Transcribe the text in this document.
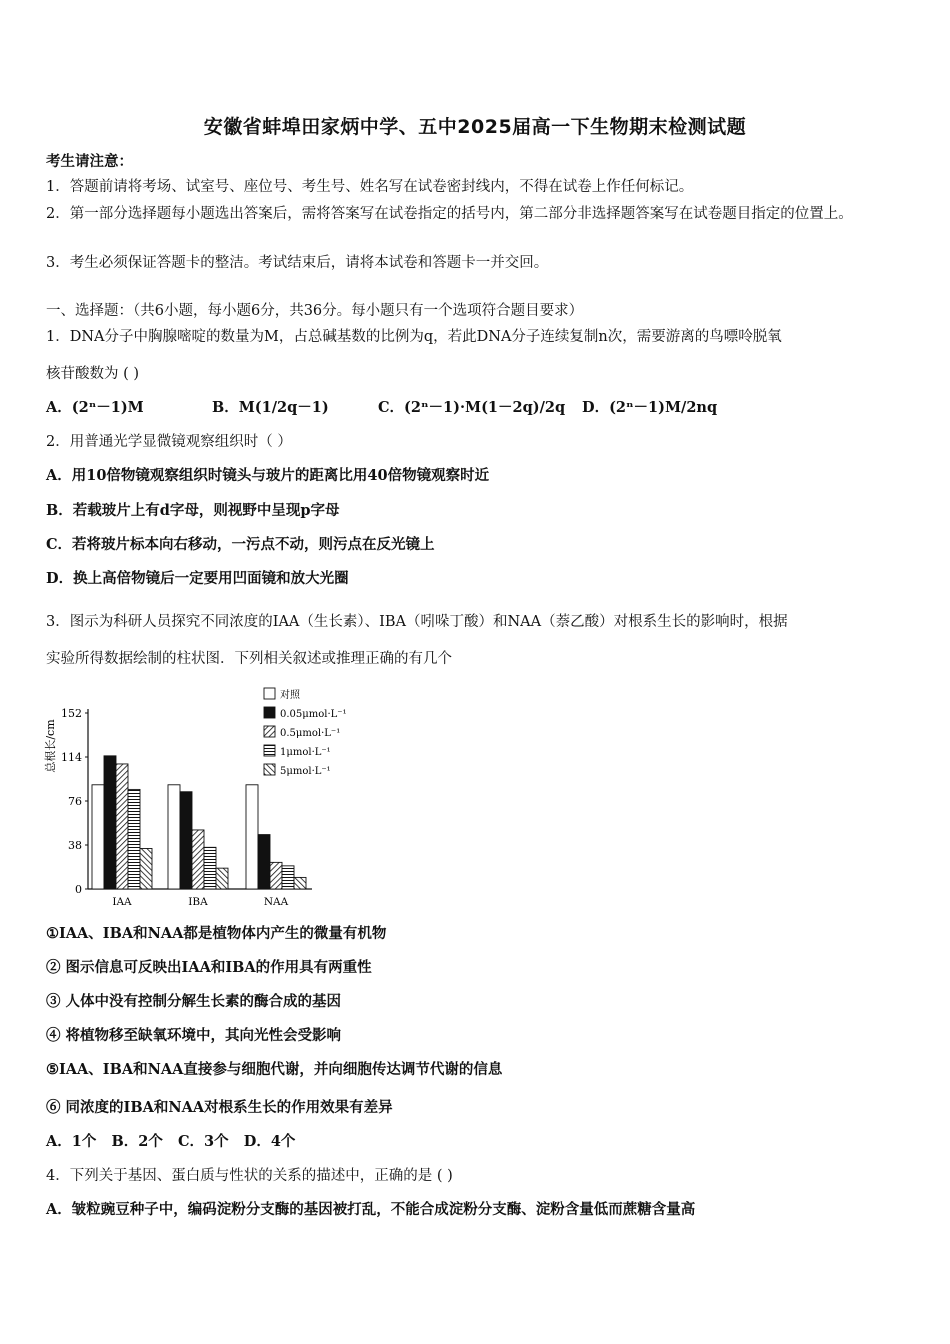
安徽省蚌埠田家炳中学、五中2025届高一下生物期末检测试题
考生请注意：
1．答题前请将考场、试室号、座位号、考生号、姓名写在试卷密封线内，不得在试卷上作任何标记。
2．第一部分选择题每小题选出答案后，需将答案写在试卷指定的括号内，第二部分非选择题答案写在试卷题目指定的位置上。
3．考生必须保证答题卡的整洁。考试结束后，请将本试卷和答题卡一并交回。
一、选择题：（共6小题，每小题6分，共36分。每小题只有一个选项符合题目要求）
1．DNA分子中胸腺嘧啶的数量为M，占总碱基数的比例为q，若此DNA分子连续复制n次，需要游离的鸟嘌呤脱氧
核苷酸数为 ( )
A．(2ⁿ－1)M	B．M(1/2q－1)	C．(2ⁿ－1)·M(1－2q)/2q D．(2ⁿ－1)M/2nq
2．用普通光学显微镜观察组织时（ ）
A．用10倍物镜观察组织时镜头与玻片的距离比用40倍物镜观察时近
B．若载玻片上有d字母，则视野中呈现p字母
C．若将玻片标本向右移动，一污点不动，则污点在反光镜上
D．换上高倍物镜后一定要用凹面镜和放大光圈
3．图示为科研人员探究不同浓度的IAA（生长素）、IBA（吲哚丁酸）和NAA（萘乙酸）对根系生长的影响时，根据
实验所得数据绘制的柱状图．下列相关叙述或推理正确的有几个
总根长/cm
0
38
76
114
152
IAA	IBA	NAA
对照
0.05μmol·L⁻¹
0.5μmol·L⁻¹
1μmol·L⁻¹
5μmol·L⁻¹
①IAA、IBA和NAA都是植物体内产生的微量有机物
② 图示信息可反映出IAA和IBA的作用具有两重性
③ 人体中没有控制分解生长素的酶合成的基因
④ 将植物移至缺氧环境中，其向光性会受影响
⑤IAA、IBA和NAA直接参与细胞代谢，并向细胞传达调节代谢的信息
⑥ 同浓度的IBA和NAA对根系生长的作用效果有差异
A．1个   B．2个   C．3个   D．4个
4．下列关于基因、蛋白质与性状的关系的描述中，正确的是 ( )
A．皱粒豌豆种子中，编码淀粉分支酶的基因被打乱，不能合成淀粉分支酶、淀粉含量低而蔗糖含量高
